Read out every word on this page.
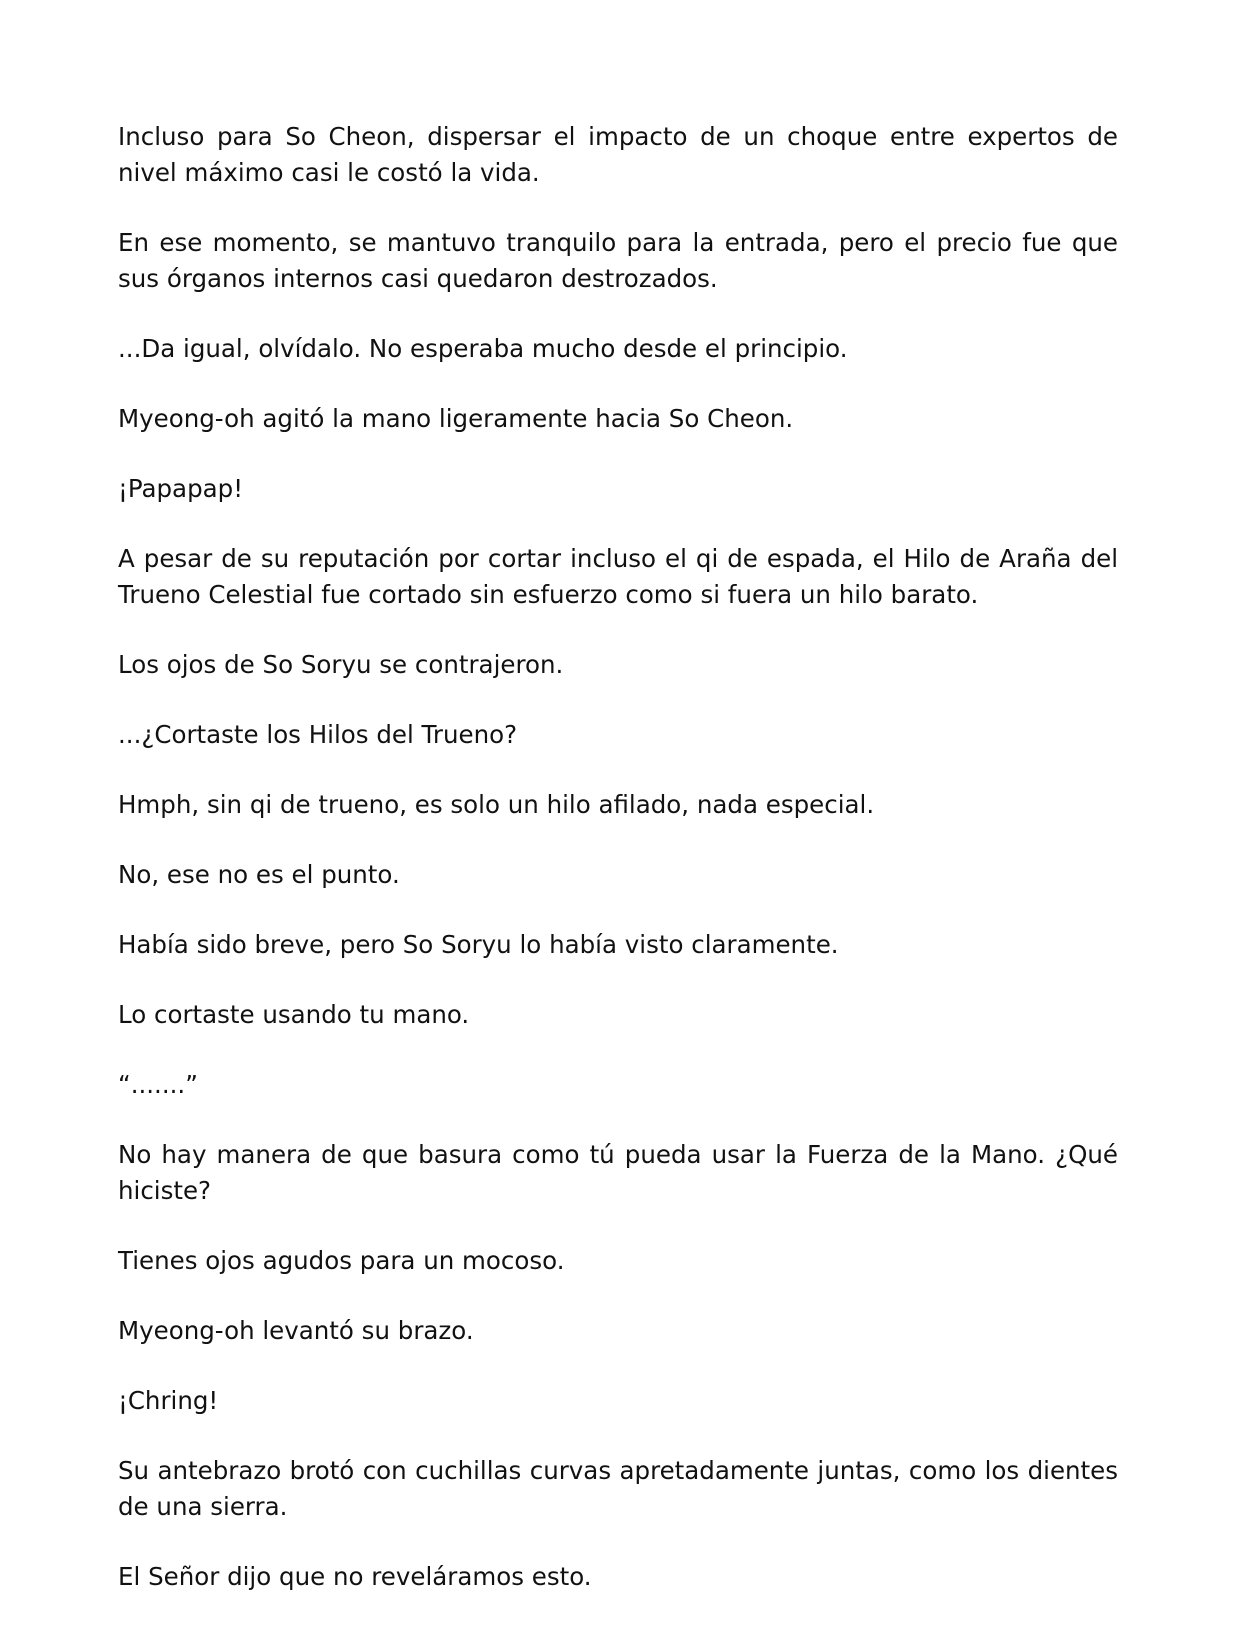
Incluso para So Cheon, dispersar el impacto de un choque entre expertos de nivel máximo casi le costó la vida.

En ese momento, se mantuvo tranquilo para la entrada, pero el precio fue que sus órganos internos casi quedaron destrozados.

...Da igual, olvídalo. No esperaba mucho desde el principio.

Myeong-oh agitó la mano ligeramente hacia So Cheon.

¡Papapap!

A pesar de su reputación por cortar incluso el qi de espada, el Hilo de Araña del Trueno Celestial fue cortado sin esfuerzo como si fuera un hilo barato.

Los ojos de So Soryu se contrajeron.

...¿Cortaste los Hilos del Trueno?

Hmph, sin qi de trueno, es solo un hilo afilado, nada especial.

No, ese no es el punto.

Había sido breve, pero So Soryu lo había visto claramente.

Lo cortaste usando tu mano.

“.......”

No hay manera de que basura como tú pueda usar la Fuerza de la Mano. ¿Qué hiciste?

Tienes ojos agudos para un mocoso.

Myeong-oh levantó su brazo.

¡Chring!

Su antebrazo brotó con cuchillas curvas apretadamente juntas, como los dientes de una sierra.

El Señor dijo que no reveláramos esto.
